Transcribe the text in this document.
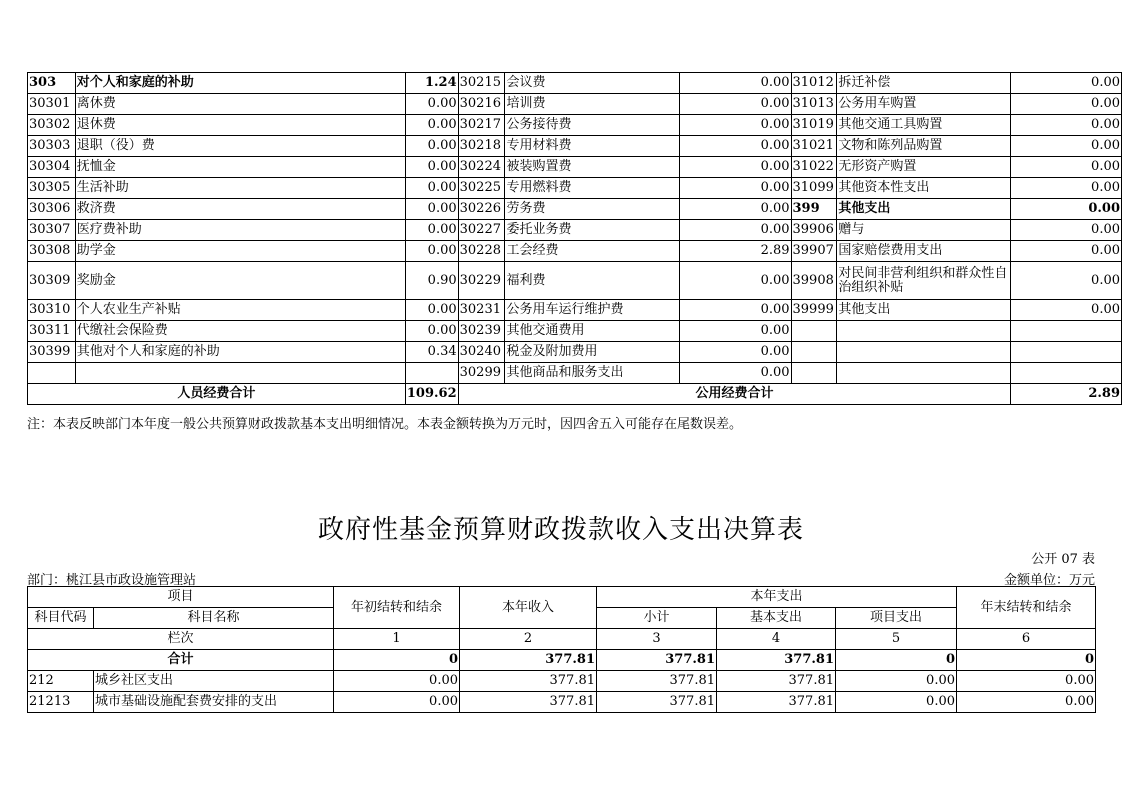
303	对个人和家庭的补助	1.24	30215	会议费	0.00	31012	拆迁补偿	0.00
30301	离休费	0.00	30216	培训费	0.00	31013	公务用车购置	0.00
30302	退休费	0.00	30217	公务接待费	0.00	31019	其他交通工具购置	0.00
30303	退职（役）费	0.00	30218	专用材料费	0.00	31021	文物和陈列品购置	0.00
30304	抚恤金	0.00	30224	被装购置费	0.00	31022	无形资产购置	0.00
30305	生活补助	0.00	30225	专用燃料费	0.00	31099	其他资本性支出	0.00
30306	救济费	0.00	30226	劳务费	0.00	399	其他支出	0.00
30307	医疗费补助	0.00	30227	委托业务费	0.00	39906	赠与	0.00
30308	助学金	0.00	30228	工会经费	2.89	39907	国家赔偿费用支出	0.00
30309	奖励金	0.90	30229	福利费	0.00	39908	对民间非营利组织和群众性自治组织补贴	0.00
30310	个人农业生产补贴	0.00	30231	公务用车运行维护费	0.00	39999	其他支出	0.00
30311	代缴社会保险费	0.00	30239	其他交通费用	0.00			
30399	其他对个人和家庭的补助	0.34	30240	税金及附加费用	0.00			
			30299	其他商品和服务支出	0.00			
人员经费合计		109.62	公用经费合计					2.89
注：本表反映部门本年度一般公共预算财政拨款基本支出明细情况。本表金额转换为万元时，因四舍五入可能存在尾数误差。
政府性基金预算财政拨款收入支出决算表
公开 07 表
部门：桃江县市政设施管理站	金额单位：万元
项目		年初结转和结余	本年收入	本年支出			年末结转和结余
科目代码	科目名称			小计	基本支出	项目支出	
栏次		1	2	3	4	5	6
合计		0	377.81	377.81	377.81	0	0
212	城乡社区支出	0.00	377.81	377.81	377.81	0.00	0.00
21213	城市基础设施配套费安排的支出	0.00	377.81	377.81	377.81	0.00	0.00
